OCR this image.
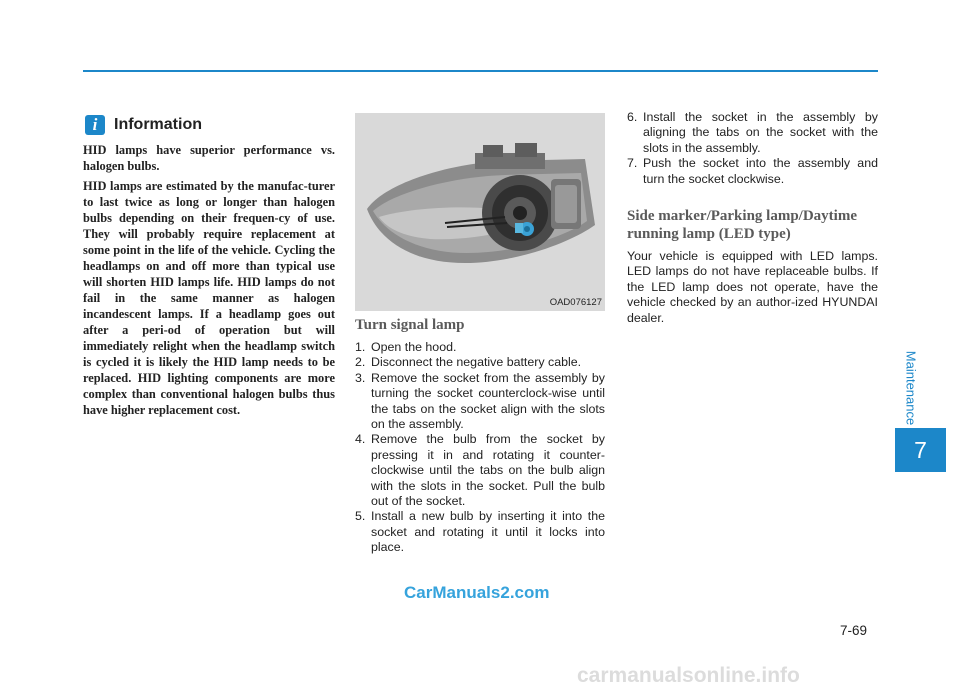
i	Information

HID lamps have superior performance vs. halogen bulbs.

HID lamps are estimated by the manufac-turer to last twice as long or longer than halogen bulbs depending on their frequen-cy of use. They will probably require replacement at some point in the life of the vehicle. Cycling the headlamps on and off more than typical use will shorten HID lamps life. HID lamps do not fail in the same manner as halogen incandescent lamps. If a headlamp goes out after a peri-od of operation but will immediately relight when the headlamp switch is cycled it is likely the HID lamp needs to be replaced. HID lighting components are more complex than conventional halogen bulbs thus have higher replacement cost.

OAD076127
Turn signal lamp
1. Open the hood.
2. Disconnect the negative battery cable.
3. Remove the socket from the assembly by turning the socket counterclock-wise until the tabs on the socket align with the slots on the assembly.
4. Remove the bulb from the socket by pressing it in and rotating it counter-clockwise until the tabs on the bulb align with the slots in the socket. Pull the bulb out of the socket.
5. Install a new bulb by inserting it into the socket and rotating it until it locks into place.
6. Install the socket in the assembly by aligning the tabs on the socket with the slots in the assembly.
7. Push the socket into the assembly and turn the socket clockwise.
Side marker/Parking lamp/Daytime running lamp (LED type)

Your vehicle is equipped with LED lamps. LED lamps do not have replaceable bulbs. If the LED lamp does not operate, have the vehicle checked by an author-ized HYUNDAI dealer.

Maintenance
7
7-69
CarManuals2.com
carmanualsonline.info
